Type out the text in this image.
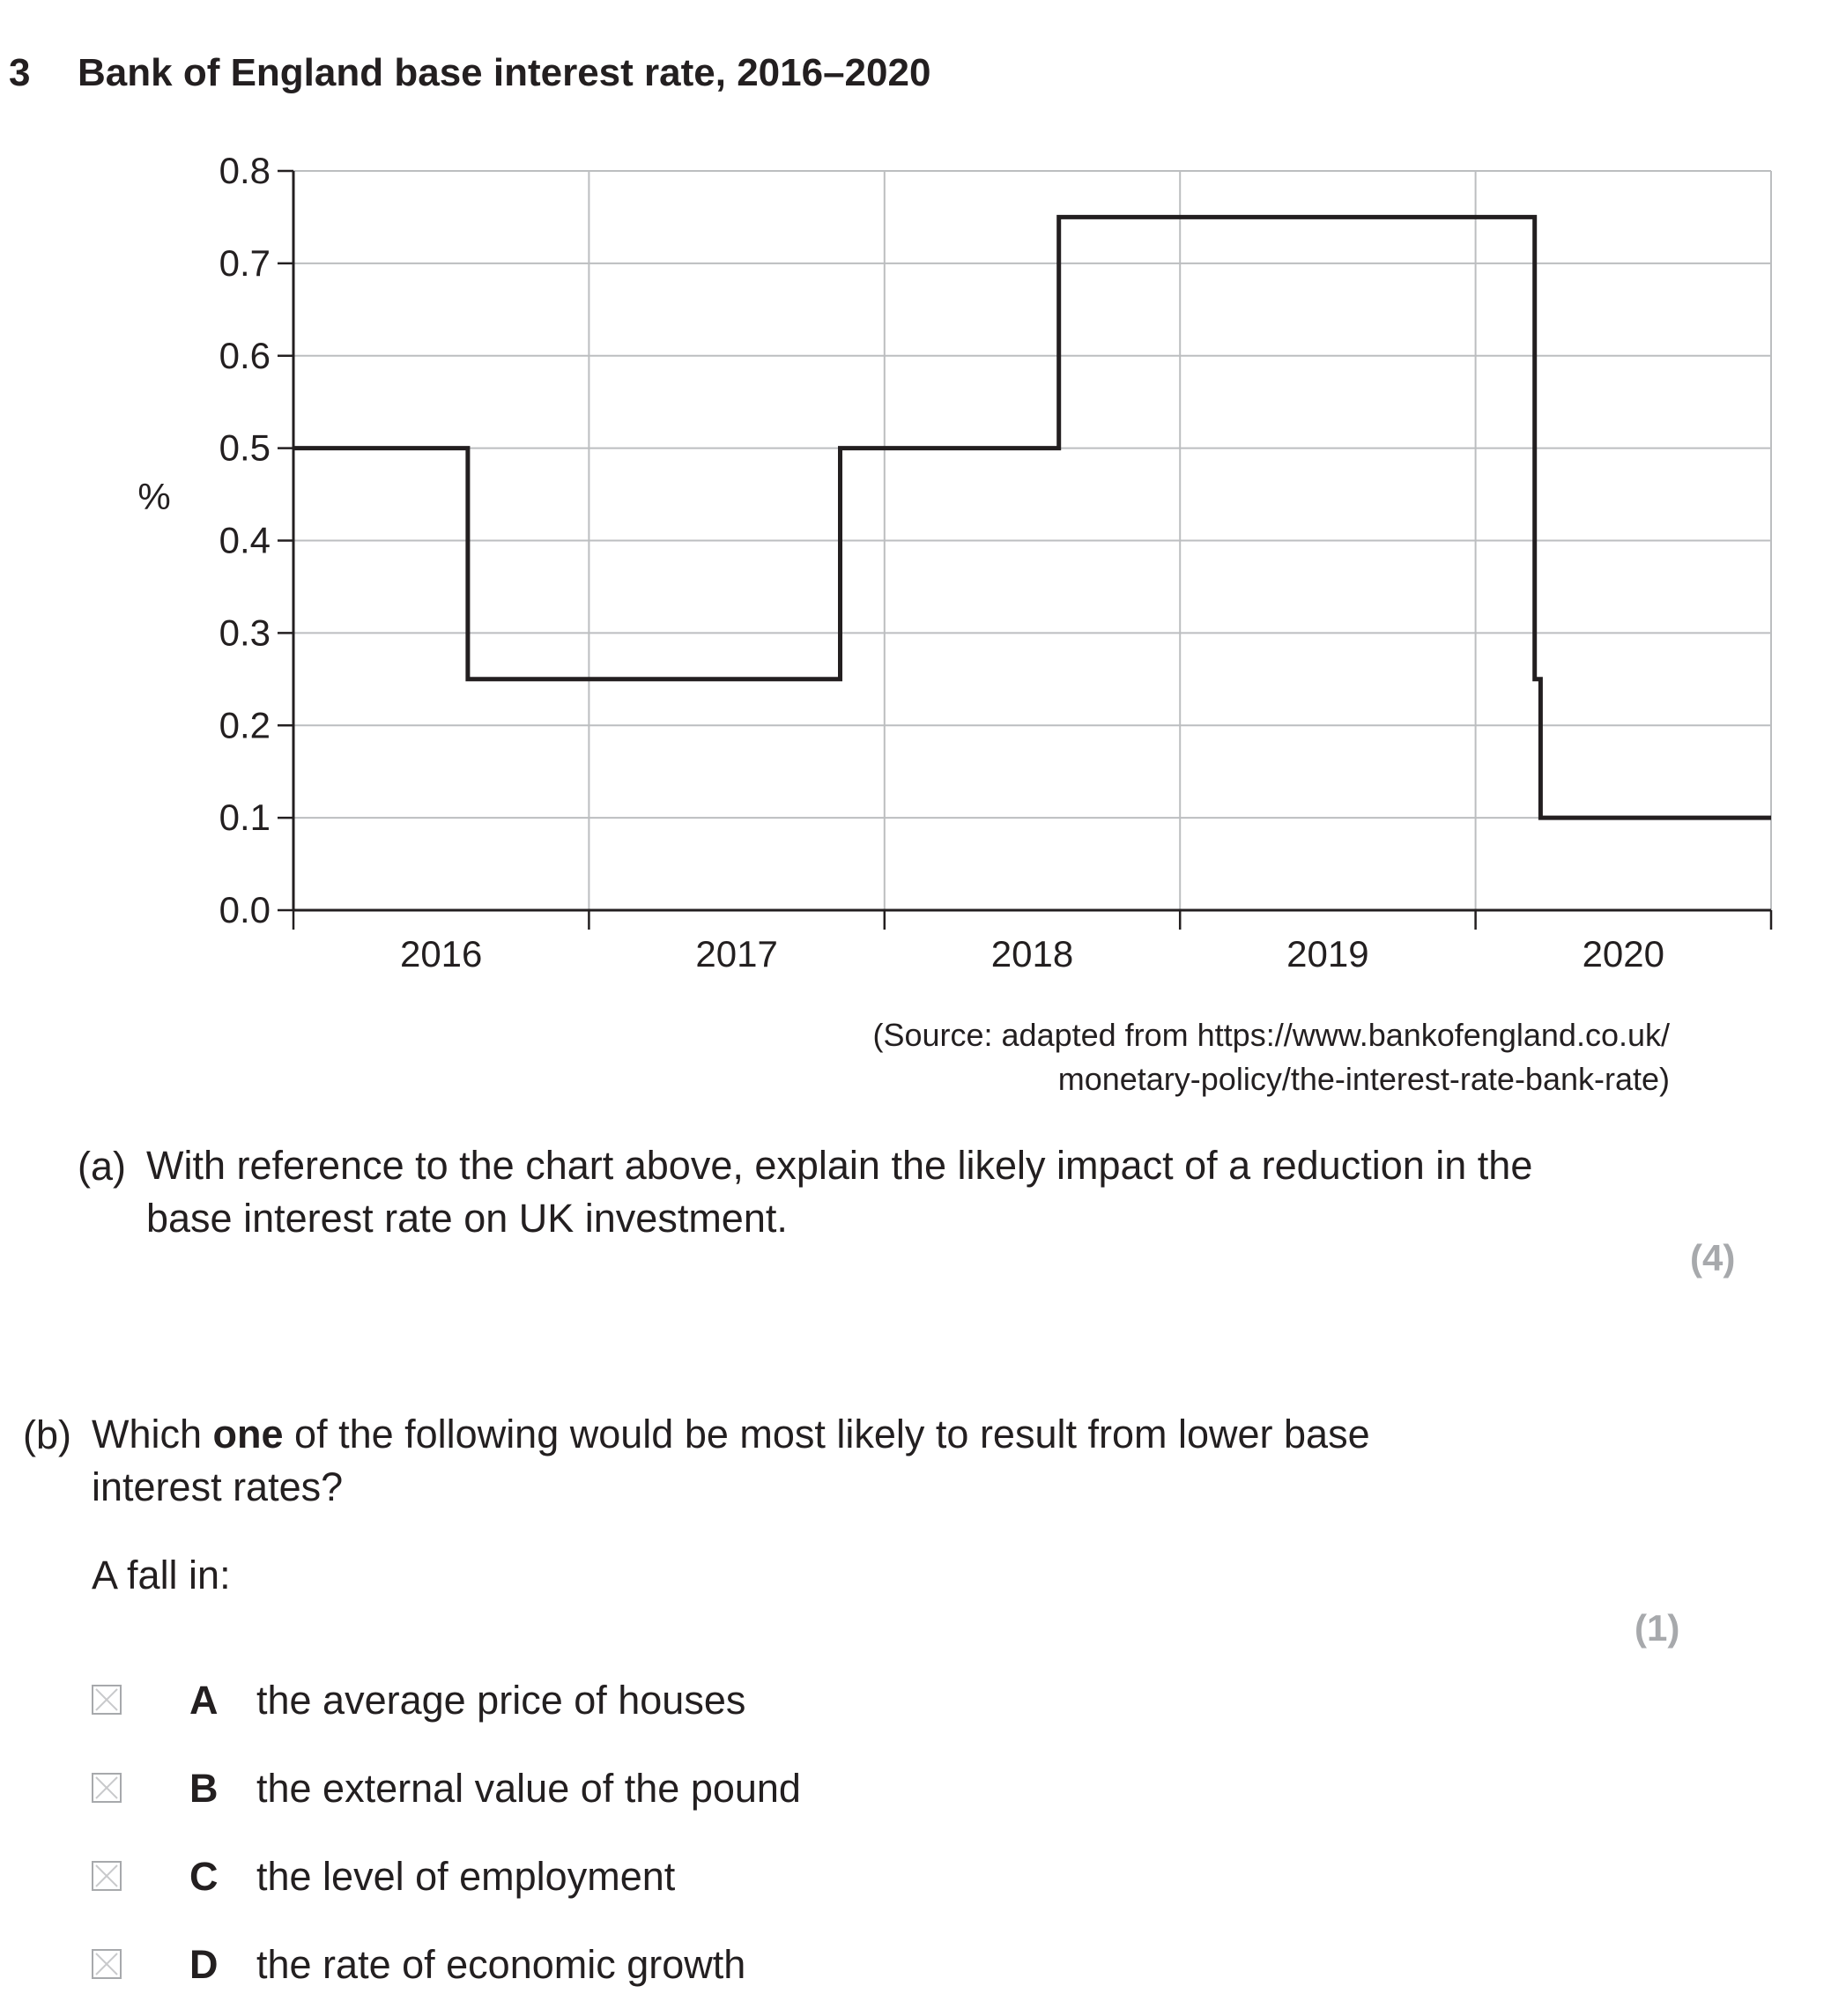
3 Bank of England base interest rate, 2016–2020
0.0
0.1
0.2
0.3
0.4
0.5
0.6
0.7
0.8
2016	2017	2018	2019	2020
%
(Source: adapted from https://www.bankofengland.co.uk/
monetary-policy/the-interest-rate-bank-rate)
(a) With reference to the chart above, explain the likely impact of a reduction in the
base interest rate on UK investment.
(4)
(b) Which one of the following would be most likely to result from lower base
interest rates?
A fall in:
(1)
A the average price of houses
B the external value of the pound
C the level of employment
D the rate of economic growth
